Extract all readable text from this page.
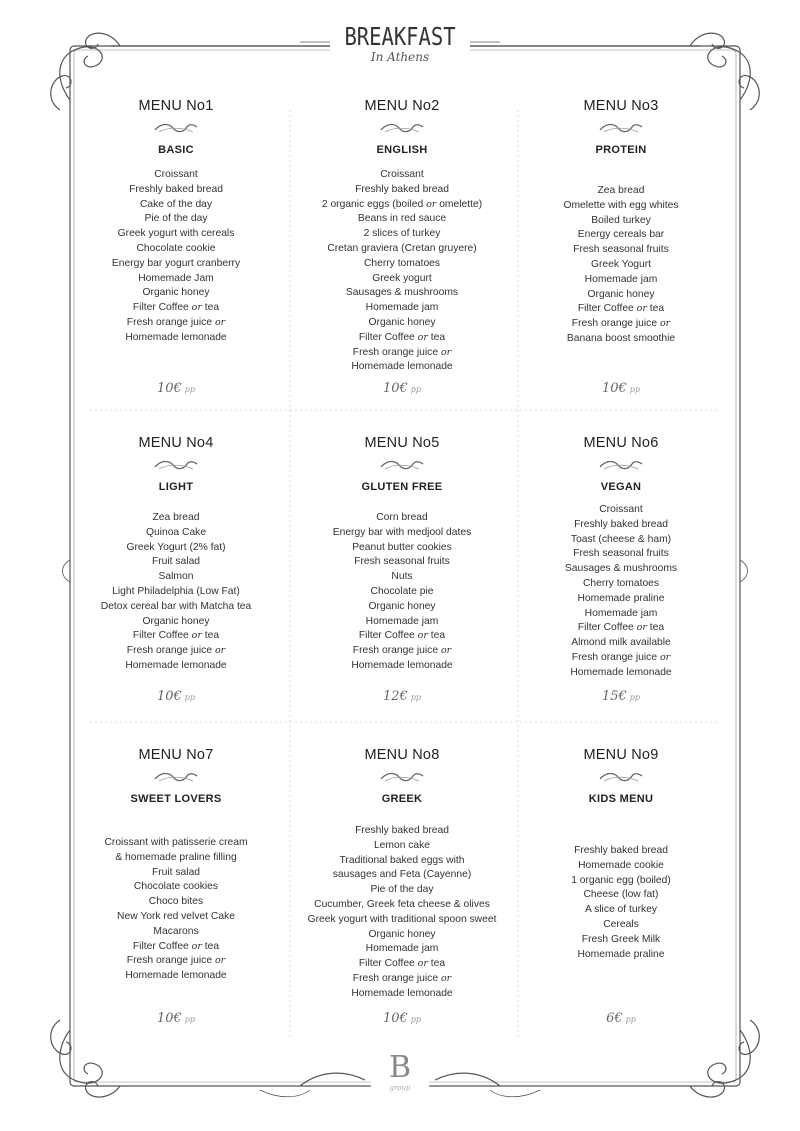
BREAKFAST
In Athens
MENU No1
BASIC
Croissant
Freshly baked bread
Cake of the day
Pie of the day
Greek yogurt with cereals
Chocolate cookie
Energy bar yogurt cranberry
Homemade Jam
Organic honey
Filter Coffee or tea
Fresh orange juice or
Homemade lemonade
10€ pp
MENU No2
ENGLISH
Croissant
Freshly baked bread
2 organic eggs (boiled or omelette)
Beans in red sauce
2 slices of turkey
Cretan graviera (Cretan gruyere)
Cherry tomatoes
Greek yogurt
Sausages & mushrooms
Homemade jam
Organic honey
Filter Coffee or tea
Fresh orange juice or
Homemade lemonade
10€ pp
MENU No3
PROTEIN
Zea bread
Omelette with egg whites
Boiled turkey
Energy cereals bar
Fresh seasonal fruits
Greek Yogurt
Homemade jam
Organic honey
Filter Coffee or tea
Fresh orange juice or
Banana boost smoothie
10€ pp
MENU No4
LIGHT
Zea bread
Quinoa Cake
Greek Yogurt (2% fat)
Fruit salad
Salmon
Light Philadelphia (Low Fat)
Detox cereal bar with Matcha tea
Organic honey
Filter Coffee or tea
Fresh orange juice or
Homemade lemonade
10€ pp
MENU No5
GLUTEN FREE
Corn bread
Energy bar with medjool dates
Peanut butter cookies
Fresh seasonal fruits
Nuts
Chocolate pie
Organic honey
Homemade jam
Filter Coffee or tea
Fresh orange juice or
Homemade lemonade
12€ pp
MENU No6
VEGAN
Croissant
Freshly baked bread
Toast (cheese & ham)
Fresh seasonal fruits
Sausages & mushrooms
Cherry tomatoes
Homemade praline
Homemade jam
Filter Coffee or tea
Almond milk available
Fresh orange juice or
Homemade lemonade
15€ pp
MENU No7
SWEET LOVERS
Croissant with patisserie cream
& homemade praline filling
Fruit salad
Chocolate cookies
Choco bites
New York red velvet Cake
Macarons
Filter Coffee or tea
Fresh orange juice or
Homemade lemonade
10€ pp
MENU No8
GREEK
Freshly baked bread
Lemon cake
Traditional baked eggs with
sausages and Feta (Cayenne)
Pie of the day
Cucumber, Greek feta cheese & olives
Greek yogurt with traditional spoon sweet
Organic honey
Homemade jam
Filter Coffee or tea
Fresh orange juice or
Homemade lemonade
10€ pp
MENU No9
KIDS MENU
Freshly baked bread
Homemade cookie
1 organic egg (boiled)
Cheese (low fat)
A slice of turkey
Cereals
Fresh Greek Milk
Homemade praline
6€ pp
B
group
